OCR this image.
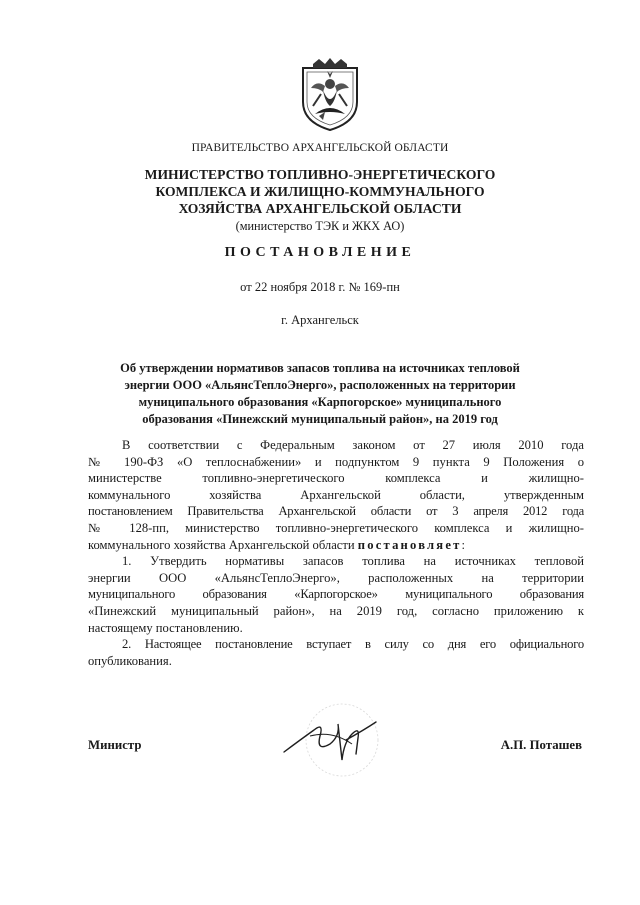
ПРАВИТЕЛЬСТВО АРХАНГЕЛЬСКОЙ ОБЛАСТИ
МИНИСТЕРСТВО ТОПЛИВНО-ЭНЕРГЕТИЧЕСКОГО
КОМПЛЕКСА И ЖИЛИЩНО-КОММУНАЛЬНОГО
ХОЗЯЙСТВА АРХАНГЕЛЬСКОЙ ОБЛАСТИ
(министерство ТЭК и ЖКХ АО)
ПОСТАНОВЛЕНИЕ
от 22 ноября 2018 г. № 169-пн
г. Архангельск
Об утверждении нормативов запасов топлива на источниках тепловой
энергии ООО «АльянсТеплоЭнерго», расположенных на территории
муниципального образования «Карпогорское» муниципального
образования «Пинежский муниципальный район», на 2019 год

В соответствии с Федеральным законом от 27 июля 2010 года
№ 190-ФЗ «О теплоснабжении» и подпунктом 9 пункта 9 Положения о
министерстве топливно-энергетического комплекса и жилищно-
коммунального хозяйства Архангельской области, утвержденным
постановлением Правительства Архангельской области от 3 апреля 2012 года
№ 128-пп, министерство топливно-энергетического комплекса и жилищно-
коммунального хозяйства Архангельской области постановляет:

1. Утвердить нормативы запасов топлива на источниках тепловой
энергии ООО «АльянсТеплоЭнерго», расположенных на территории
муниципального образования «Карпогорское» муниципального образования
«Пинежский муниципальный район», на 2019 год, согласно приложению к
настоящему постановлению.

2. Настоящее постановление вступает в силу со дня его официального
опубликования.

Министр	А.П. Поташев
